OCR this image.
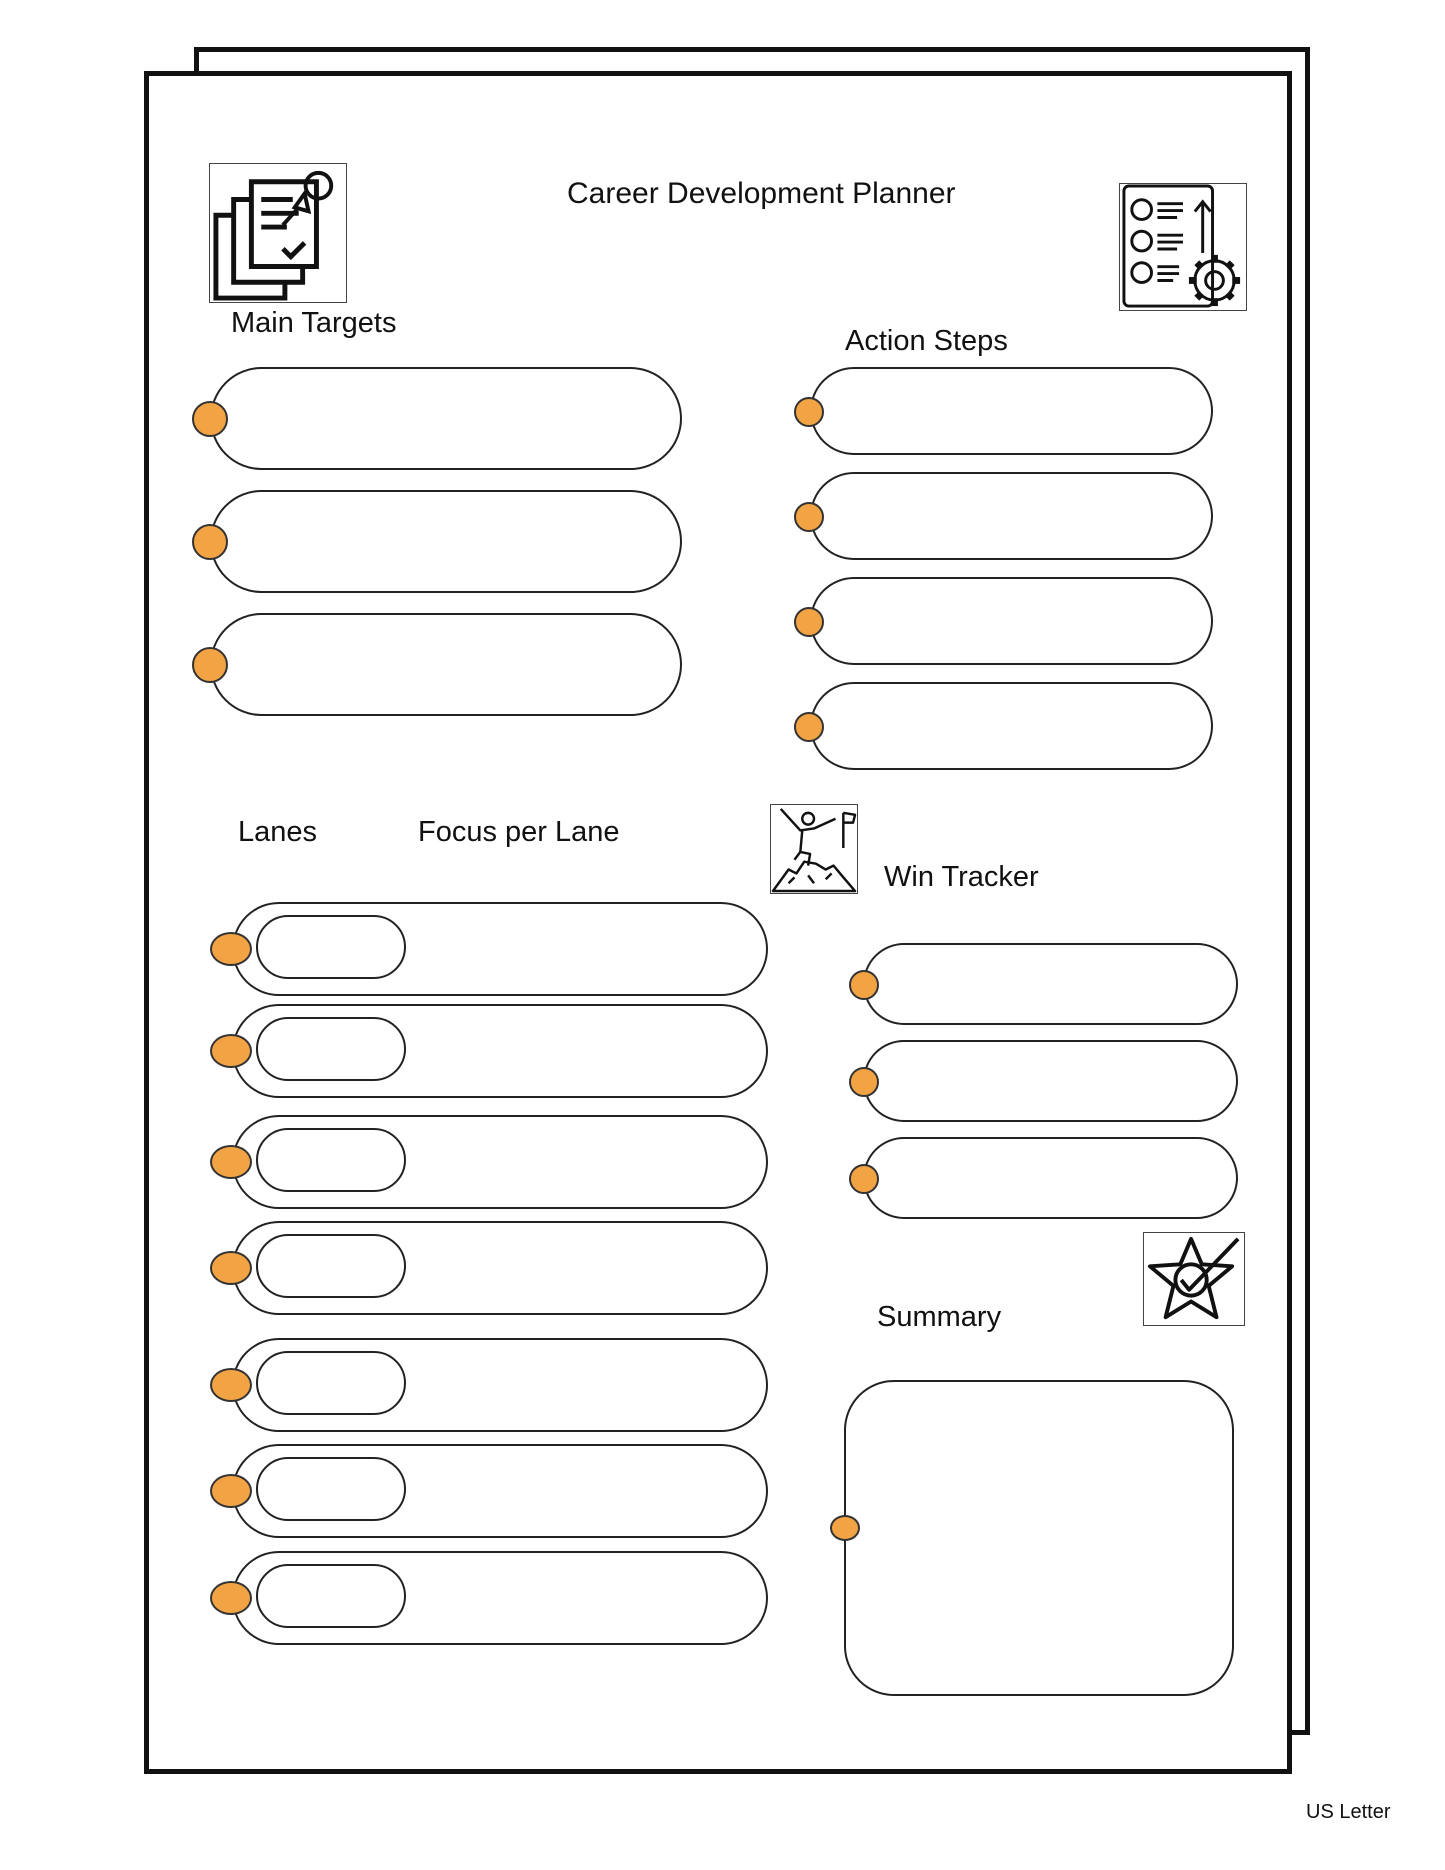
Career Development Planner
Main Targets
Action Steps
Lanes	Focus per Lane
Win Tracker
Summary
US Letter
